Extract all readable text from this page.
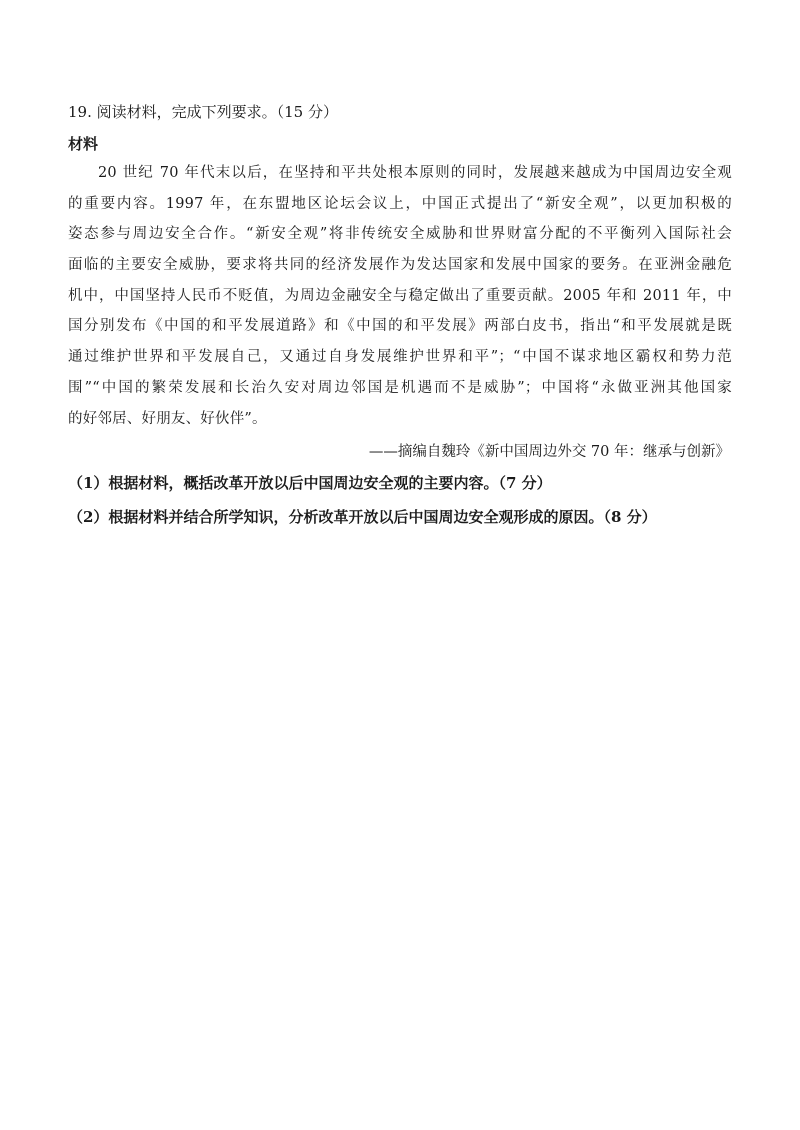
19. 阅读材料，完成下列要求。（15 分）
材料
20 世纪 70 年代末以后，在坚持和平共处根本原则的同时，发展越来越成为中国周边安全观
的重要内容。1997 年，在东盟地区论坛会议上，中国正式提出了“新安全观”，以更加积极的
姿态参与周边安全合作。“新安全观”将非传统安全威胁和世界财富分配的不平衡列入国际社会
面临的主要安全威胁，要求将共同的经济发展作为发达国家和发展中国家的要务。在亚洲金融危
机中，中国坚持人民币不贬值，为周边金融安全与稳定做出了重要贡献。2005 年和 2011 年，中
国分别发布《中国的和平发展道路》和《中国的和平发展》两部白皮书，指出“和平发展就是既
通过维护世界和平发展自己，又通过自身发展维护世界和平”；“中国不谋求地区霸权和势力范
围”“中国的繁荣发展和长治久安对周边邻国是机遇而不是威胁”；中国将“永做亚洲其他国家
的好邻居、好朋友、好伙伴”。
——摘编自魏玲《新中国周边外交 70 年：继承与创新》
（1）根据材料，概括改革开放以后中国周边安全观的主要内容。（7 分）
（2）根据材料并结合所学知识，分析改革开放以后中国周边安全观形成的原因。（8 分）
